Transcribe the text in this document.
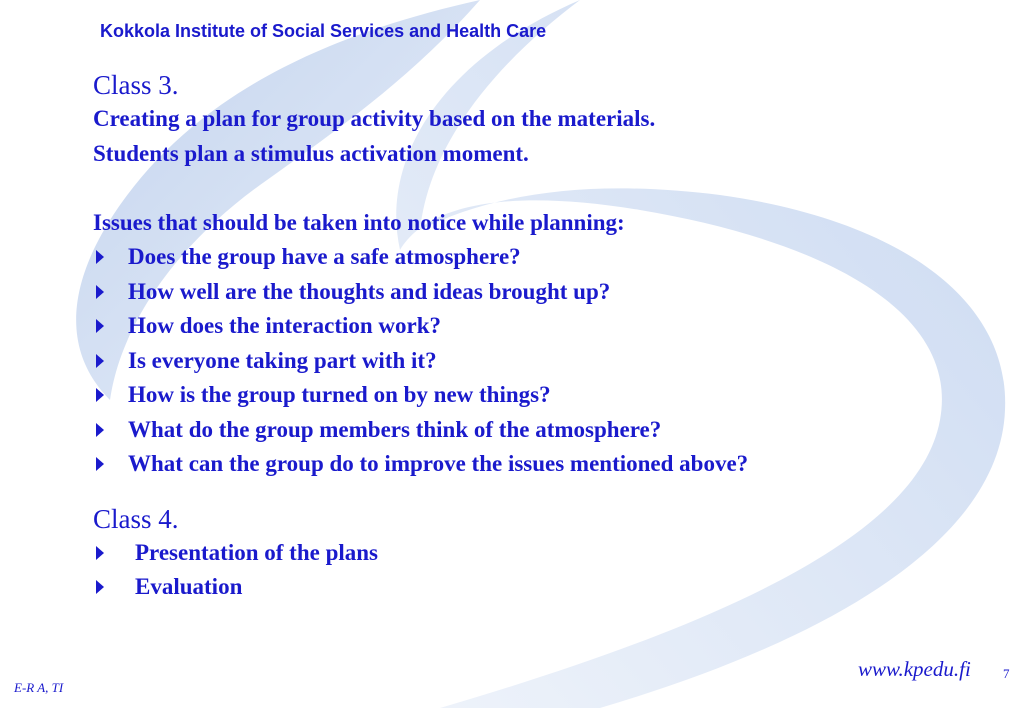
Kokkola Institute of Social Services and Health Care
Class 3.
Creating a plan for group activity based on the materials.
Students plan a stimulus activation moment.
Issues that should be taken into notice while planning:
Does the group have a safe atmosphere?
How well are the thoughts and ideas brought up?
How does the interaction work?
Is everyone taking part with it?
How is the group turned on by new things?
What do the group members think of the atmosphere?
What can the group do to improve the issues mentioned above?
Class 4.
Presentation of the plans
Evaluation
E-R A, TI
www.kpedu.fi 7
